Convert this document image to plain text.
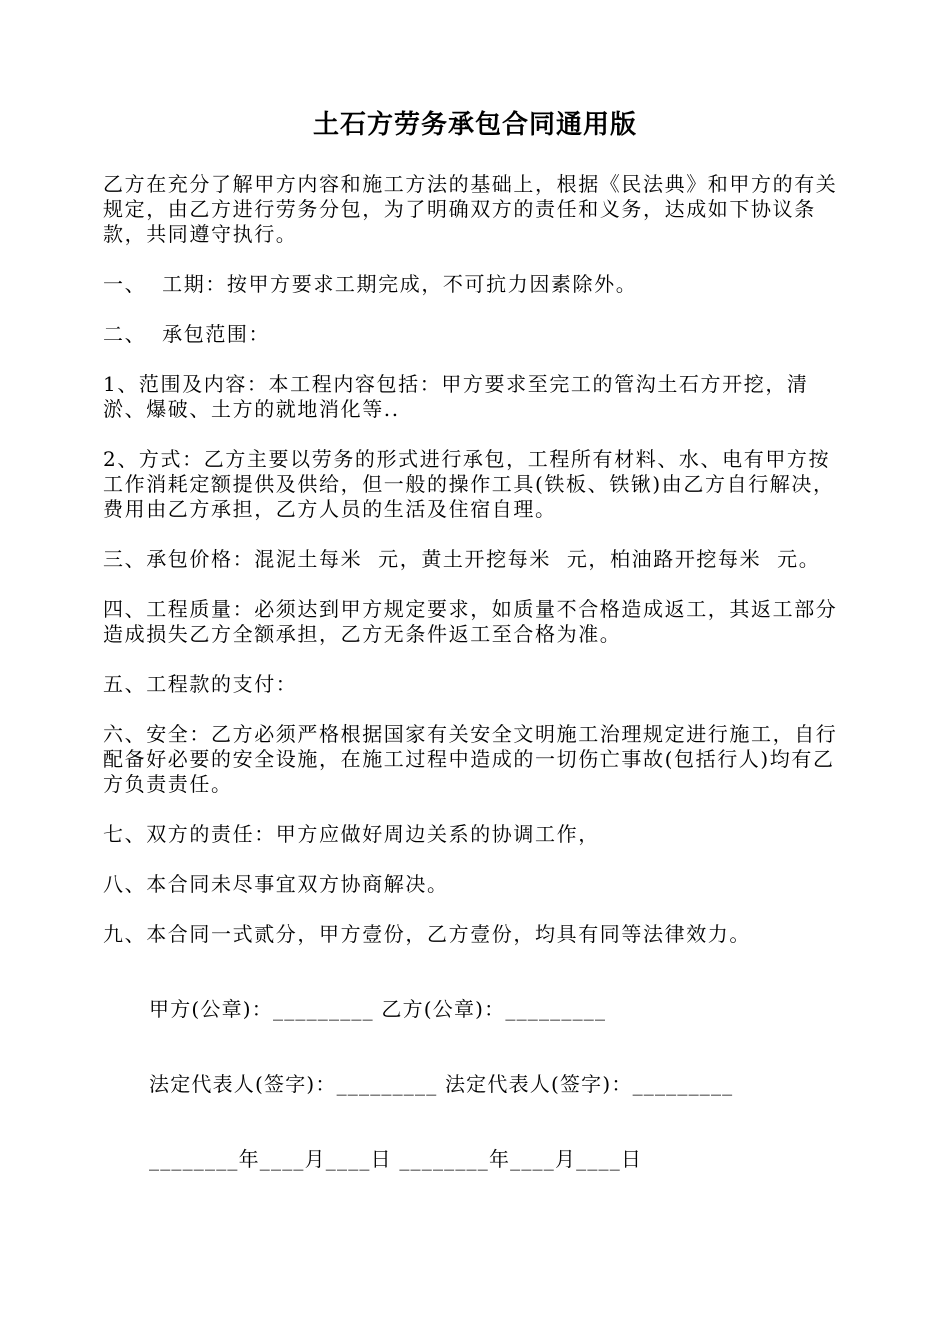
土石方劳务承包合同通用版

乙方在充分了解甲方内容和施工方法的基础上，根据《民法典》和甲方的有关规定，由乙方进行劳务分包，为了明确双方的责任和义务，达成如下协议条款，共同遵守执行。

一、  工期：按甲方要求工期完成，不可抗力因素除外。

二、  承包范围：

1、范围及内容：本工程内容包括：甲方要求至完工的管沟土石方开挖，清淤、爆破、土方的就地消化等..

2、方式：乙方主要以劳务的形式进行承包，工程所有材料、水、电有甲方按工作消耗定额提供及供给，但一般的操作工具(铁板、铁锹)由乙方自行解决，费用由乙方承担，乙方人员的生活及住宿自理。

三、承包价格：混泥土每米  元，黄土开挖每米  元，柏油路开挖每米  元。

四、工程质量：必须达到甲方规定要求，如质量不合格造成返工，其返工部分造成损失乙方全额承担，乙方无条件返工至合格为准。

五、工程款的支付：

六、安全：乙方必须严格根据国家有关安全文明施工治理规定进行施工，自行配备好必要的安全设施，在施工过程中造成的一切伤亡事故(包括行人)均有乙方负责责任。

七、双方的责任：甲方应做好周边关系的协调工作，

八、本合同未尽事宜双方协商解决。

九、本合同一式贰分，甲方壹份，乙方壹份，均具有同等法律效力。

甲方(公章)：_________ 乙方(公章)：_________

法定代表人(签字)：_________ 法定代表人(签字)：_________

________年____月____日 ________年____月____日
